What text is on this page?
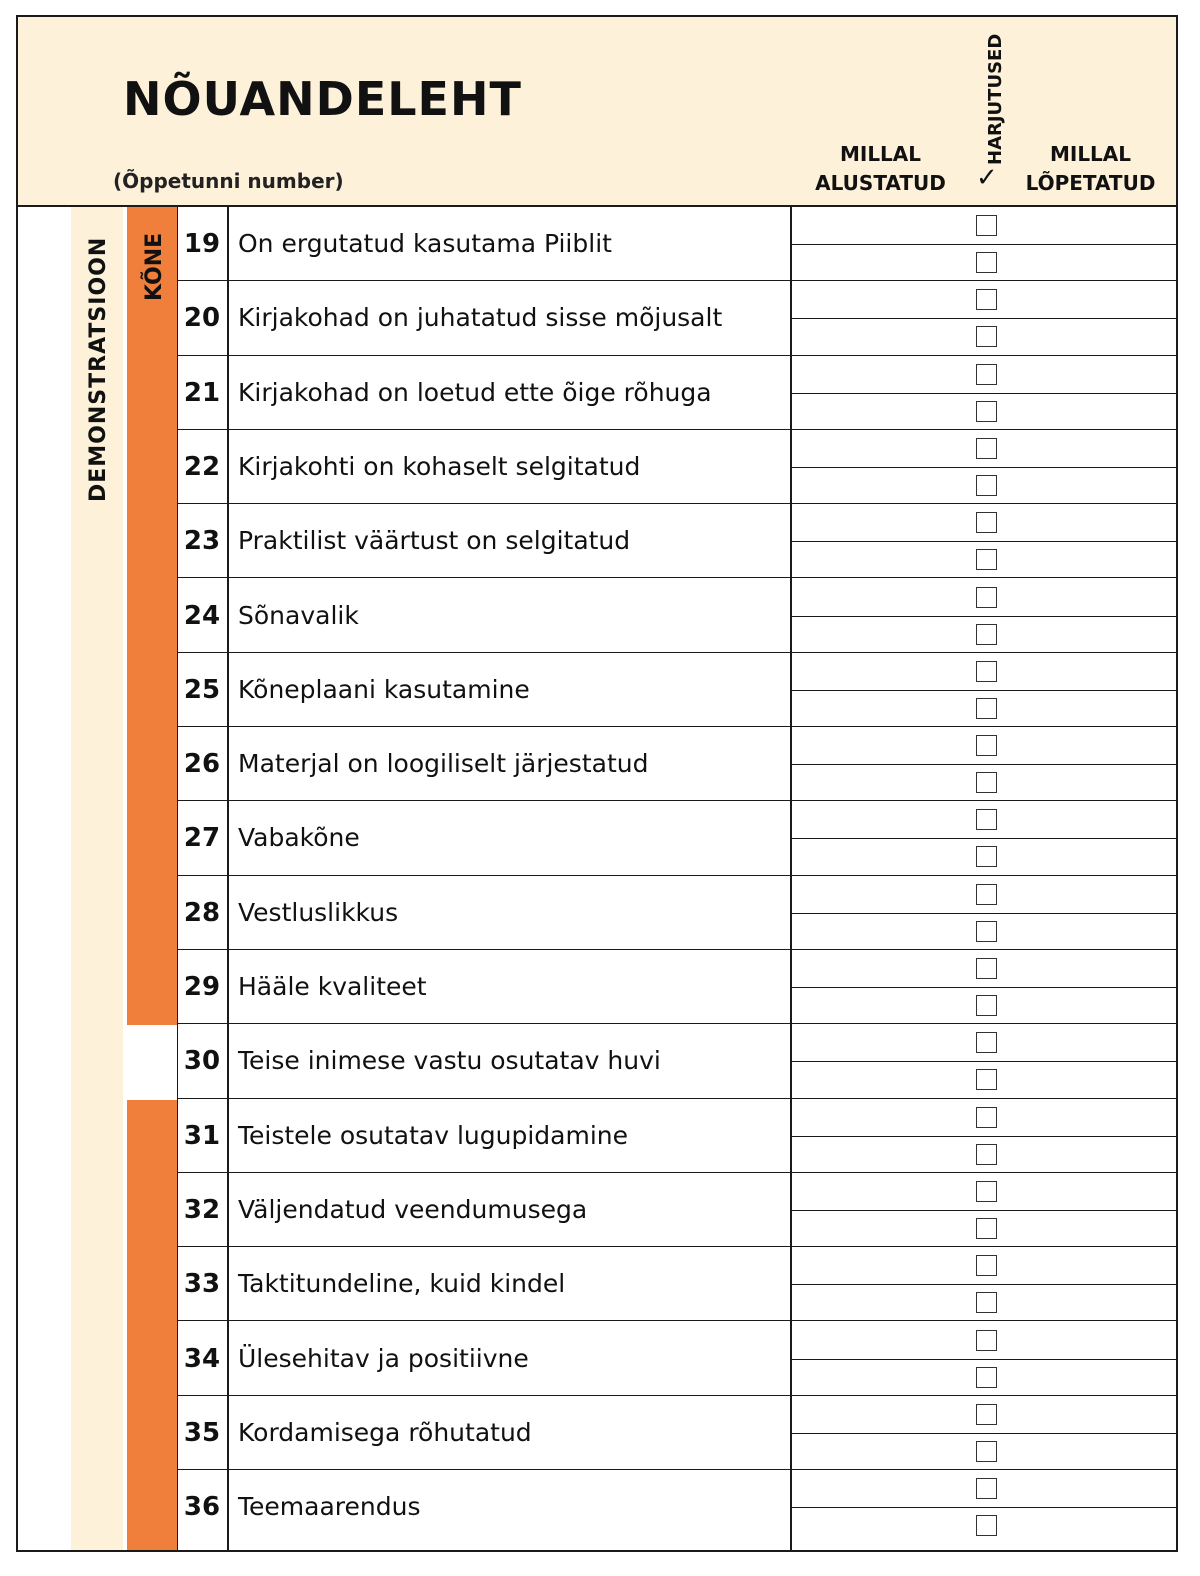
NÕUANDELEHT
(Õppetunni number)
MILLAL
ALUSTATUD
HARJUTUSED
✓
MILLAL
LÕPETATUD
DEMONSTRATSIOON KÕNE 19 On ergutatud kasutama Piiblit
20 Kirjakohad on juhatatud sisse mõjusalt
21 Kirjakohad on loetud ette õige rõhuga
22 Kirjakohti on kohaselt selgitatud
23 Praktilist väärtust on selgitatud
24 Sõnavalik
25 Kõneplaani kasutamine
26 Materjal on loogiliselt järjestatud
27 Vabakõne
28 Vestluslikkus
29 Hääle kvaliteet
30 Teise inimese vastu osutatav huvi
31 Teistele osutatav lugupidamine
32 Väljendatud veendumusega
33 Taktitundeline, kuid kindel
34 Ülesehitav ja positiivne
35 Kordamisega rõhutatud
36 Teemaarendus
